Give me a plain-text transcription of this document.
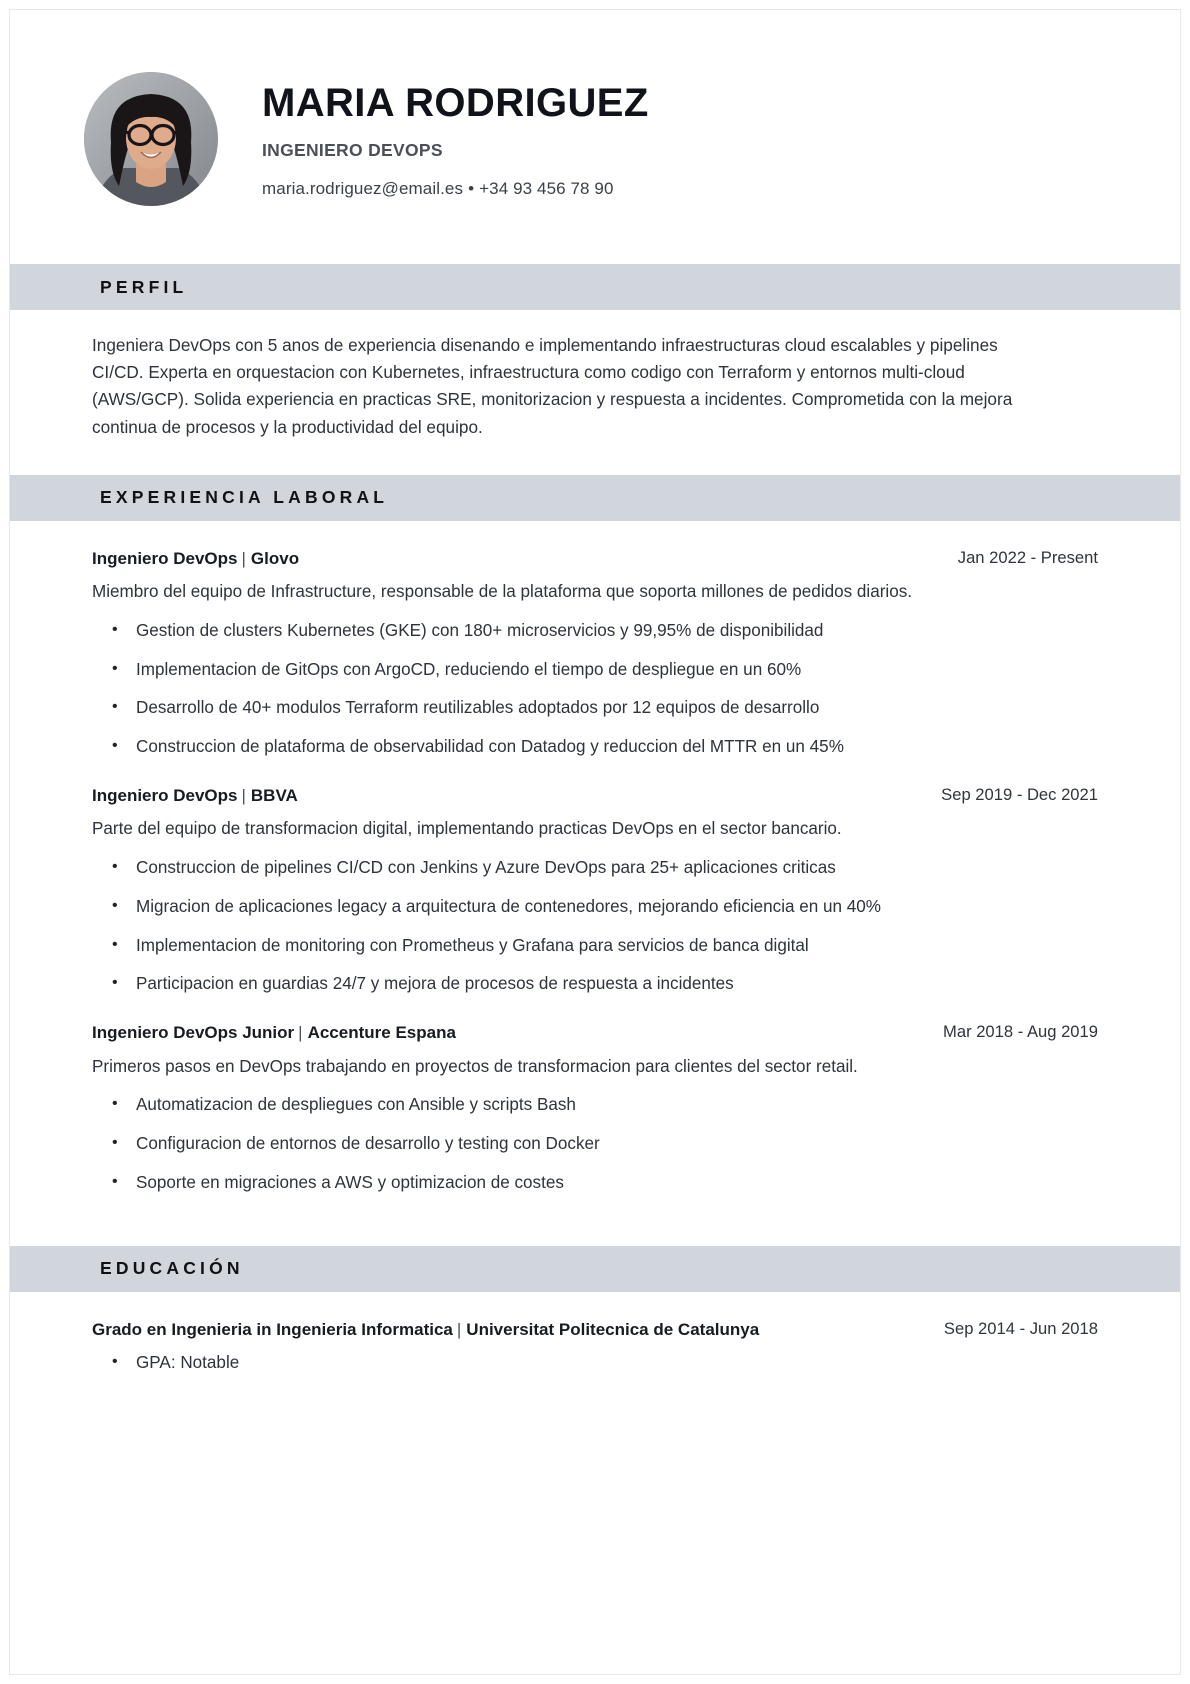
MARIA RODRIGUEZ
INGENIERO DEVOPS
maria.rodriguez@email.es • +34 93 456 78 90
PERFIL
Ingeniera DevOps con 5 anos de experiencia disenando e implementando infraestructuras cloud escalables y pipelines CI/CD. Experta en orquestacion con Kubernetes, infraestructura como codigo con Terraform y entornos multi-cloud (AWS/GCP). Solida experiencia en practicas SRE, monitorizacion y respuesta a incidentes. Comprometida con la mejora continua de procesos y la productividad del equipo.
EXPERIENCIA LABORAL
Ingeniero DevOps | Glovo	Jan 2022 - Present
Miembro del equipo de Infrastructure, responsable de la plataforma que soporta millones de pedidos diarios.
• Gestion de clusters Kubernetes (GKE) con 180+ microservicios y 99,95% de disponibilidad
• Implementacion de GitOps con ArgoCD, reduciendo el tiempo de despliegue en un 60%
• Desarrollo de 40+ modulos Terraform reutilizables adoptados por 12 equipos de desarrollo
• Construccion de plataforma de observabilidad con Datadog y reduccion del MTTR en un 45%
Ingeniero DevOps | BBVA	Sep 2019 - Dec 2021
Parte del equipo de transformacion digital, implementando practicas DevOps en el sector bancario.
• Construccion de pipelines CI/CD con Jenkins y Azure DevOps para 25+ aplicaciones criticas
• Migracion de aplicaciones legacy a arquitectura de contenedores, mejorando eficiencia en un 40%
• Implementacion de monitoring con Prometheus y Grafana para servicios de banca digital
• Participacion en guardias 24/7 y mejora de procesos de respuesta a incidentes
Ingeniero DevOps Junior | Accenture Espana	Mar 2018 - Aug 2019
Primeros pasos en DevOps trabajando en proyectos de transformacion para clientes del sector retail.
• Automatizacion de despliegues con Ansible y scripts Bash
• Configuracion de entornos de desarrollo y testing con Docker
• Soporte en migraciones a AWS y optimizacion de costes
EDUCACIÓN
Grado en Ingenieria in Ingenieria Informatica | Universitat Politecnica de Catalunya	Sep 2014 - Jun 2018
• GPA: Notable
